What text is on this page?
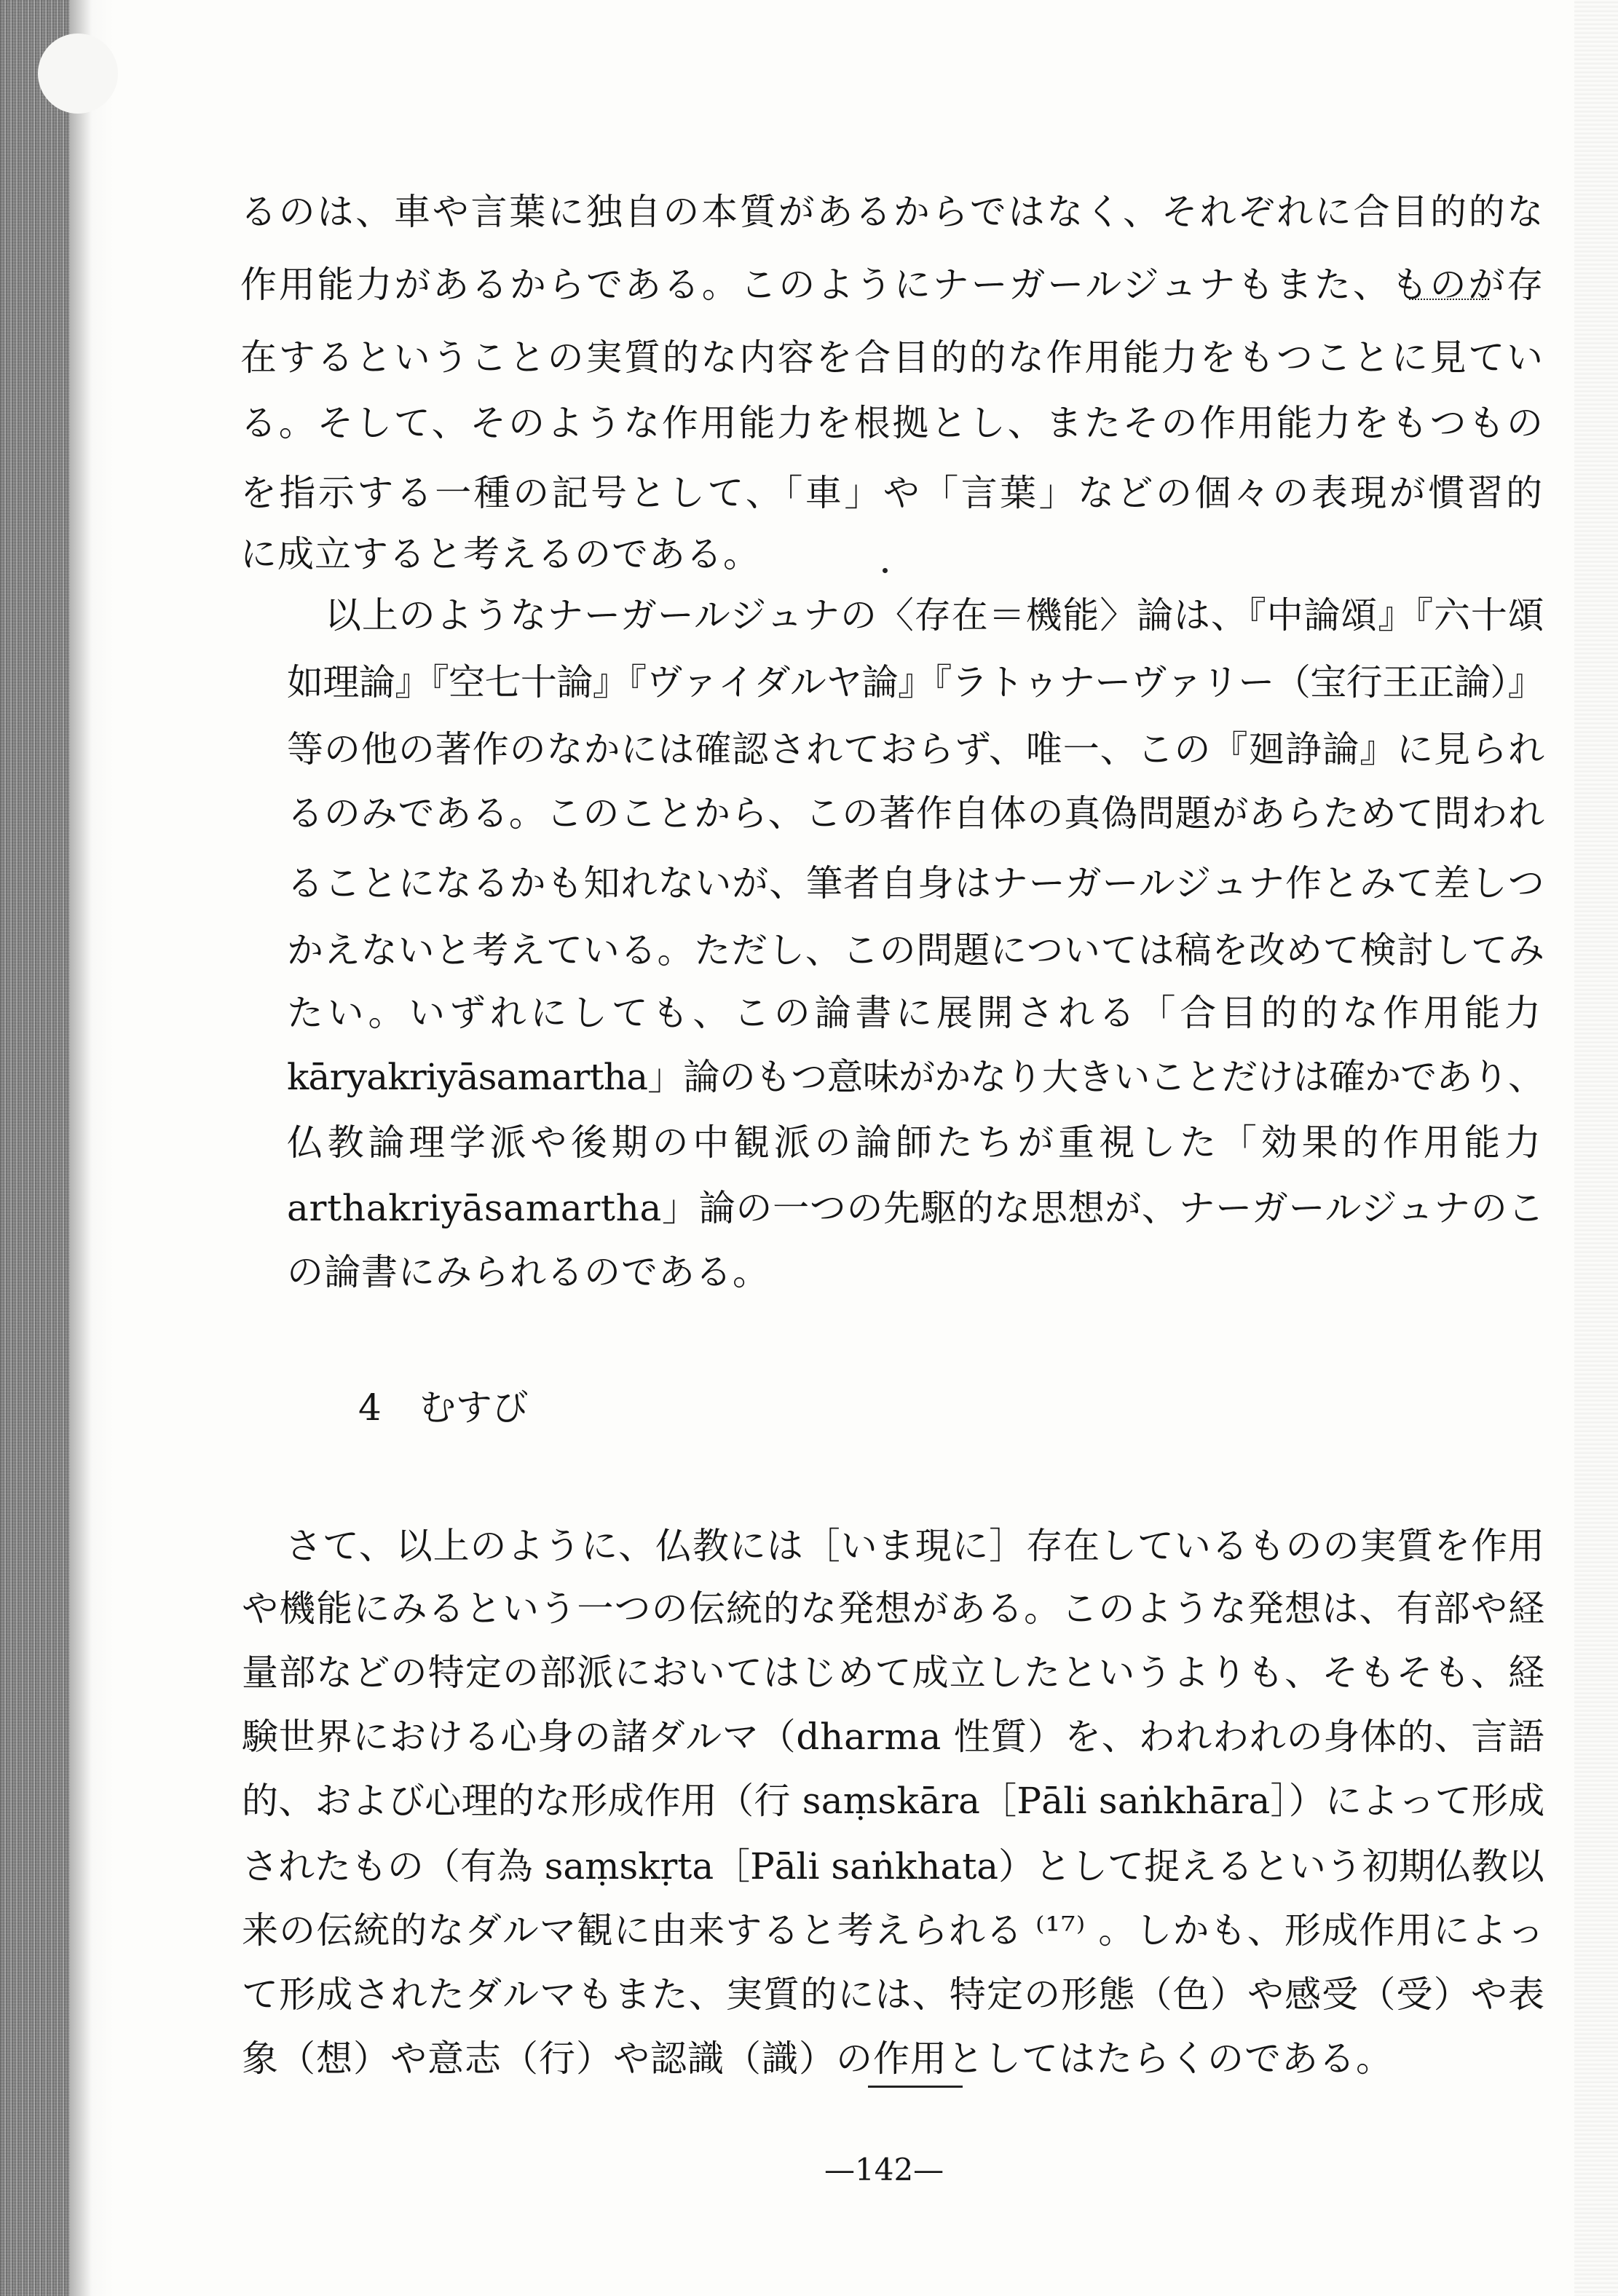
るのは、車や言葉に独自の本質があるからではなく、それぞれに合目的的な
作用能力があるからである。このようにナーガールジュナもまた、ものが存
在するということの実質的な内容を合目的的な作用能力をもつことに見てい
る。そして、そのような作用能力を根拠とし、またその作用能力をもつもの
を指示する一種の記号として、「車」や「言葉」などの個々の表現が慣習的
に成立すると考えるのである。
以上のようなナーガールジュナの〈存在＝機能〉論は、『中論頌』『六十頌
如理論』『空七十論』『ヴァイダルヤ論』『ラトゥナーヴァリー（宝行王正論）』
等の他の著作のなかには確認されておらず、唯一、この『廻諍論』に見られ
るのみである。このことから、この著作自体の真偽問題があらためて問われ
ることになるかも知れないが、筆者自身はナーガールジュナ作とみて差しつ
かえないと考えている。ただし、この問題については稿を改めて検討してみ
たい。いずれにしても、この論書に展開される「合目的的な作用能力
kāryakriyāsamartha」論のもつ意味がかなり大きいことだけは確かであり、
仏教論理学派や後期の中観派の論師たちが重視した「効果的作用能力
arthakriyāsamartha」論の一つの先駆的な思想が、ナーガールジュナのこ
の論書にみられるのである。
4 むすび
さて、以上のように、仏教には［いま現に］存在しているものの実質を作用
や機能にみるという一つの伝統的な発想がある。このような発想は、有部や経
量部などの特定の部派においてはじめて成立したというよりも、そもそも、経
験世界における心身の諸ダルマ（dharma 性質）を、われわれの身体的、言語
的、および心理的な形成作用（行 saṃskāra［Pāli saṅkhāra］）によって形成
されたもの（有為 saṃskṛta［Pāli saṅkhata）として捉えるという初期仏教以
来の伝統的なダルマ観に由来すると考えられる ⁽¹⁷⁾ 。しかも、形成作用によっ
て形成されたダルマもまた、実質的には、特定の形態（色）や感受（受）や表
象（想）や意志（行）や認識（識）の作用としてはたらくのである。
—142—
